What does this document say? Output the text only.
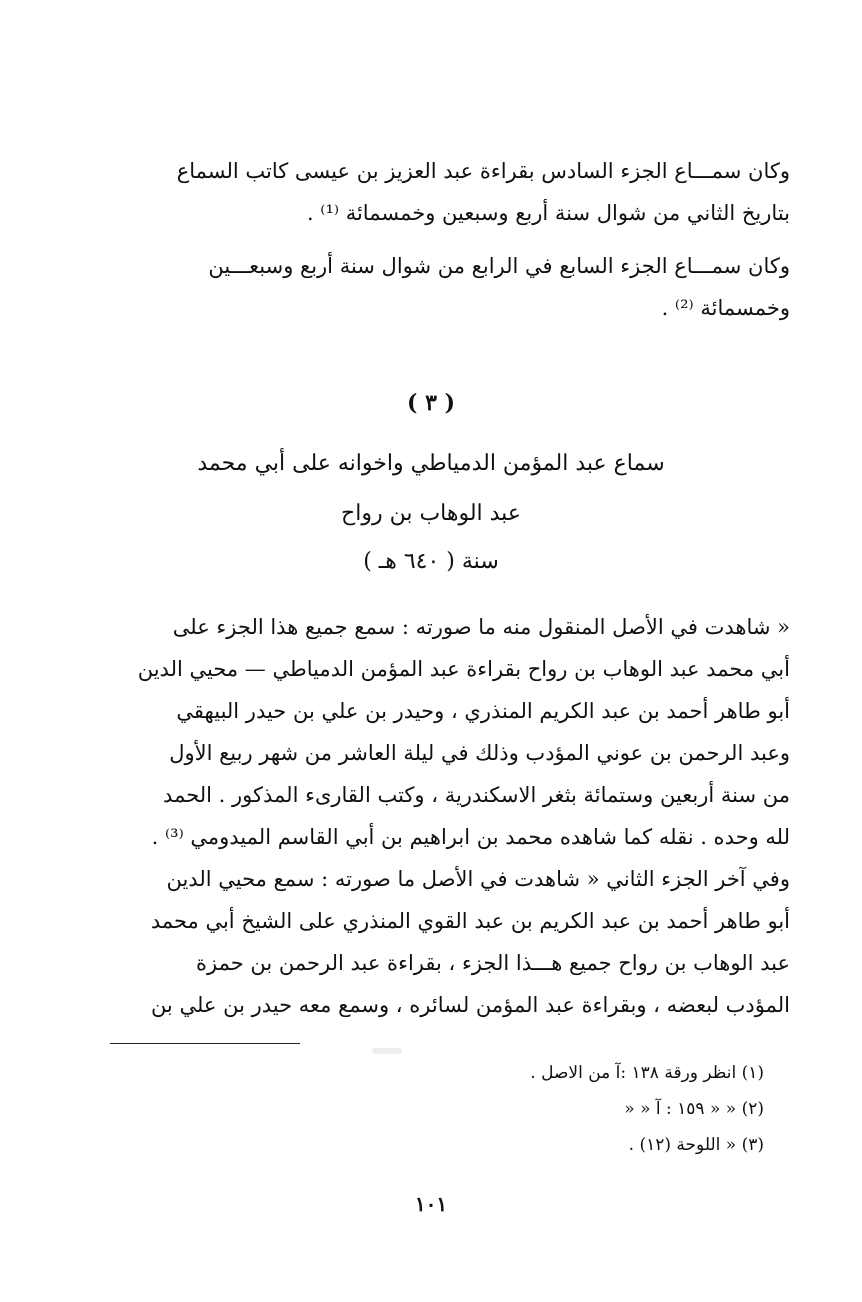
وكان سمـــاع الجزء السادس بقراءة عبد العزيز بن عيسى كاتب السماع
بتاريخ الثاني من شوال سنة أربع وسبعين وخمسمائة ⁽¹⁾ .

وكان سمـــاع الجزء السابع في الرابع من شوال سنة أربع وسبعـــين
وخمسمائة ⁽²⁾ .

( ٣ )

سماع عبد المؤمن الدمياطي واخوانه على أبي محمد

عبد الوهاب بن رواح

سنة ( ٦٤٠ هـ )

« شاهدت في الأصل المنقول منه ما صورته : سمع جميع هذا الجزء على
أبي محمد عبد الوهاب بن رواح بقراءة عبد المؤمن الدمياطي — محيي الدين
أبو طاهر أحمد بن عبد الكريم المنذري ، وحيدر بن علي بن حيدر البيهقي
وعبد الرحمن بن عوني المؤدب وذلك في ليلة العاشر من شهر ربيع الأول
من سنة أربعين وستمائة بثغر الاسكندرية ، وكتب القارىء المذكور . الحمد
لله وحده . نقله كما شاهده محمد بن ابراهيم بن أبي القاسم الميدومي ⁽³⁾ .

وفي آخر الجزء الثاني « شاهدت في الأصل ما صورته : سمع محيي الدين
أبو طاهر أحمد بن عبد الكريم بن عبد القوي المنذري على الشيخ أبي محمد
عبد الوهاب بن رواح جميع هـــذا الجزء ، بقراءة عبد الرحمن بن حمزة
المؤدب لبعضه ، وبقراءة عبد المؤمن لسائره ، وسمع معه حيدر بن علي بن

(١) انظر ورقة ١٣٨ :آ من الاصل .
(٢) « « ١٥٩ : آ « «
(٣) « اللوحة (١٢) .
١٠١
